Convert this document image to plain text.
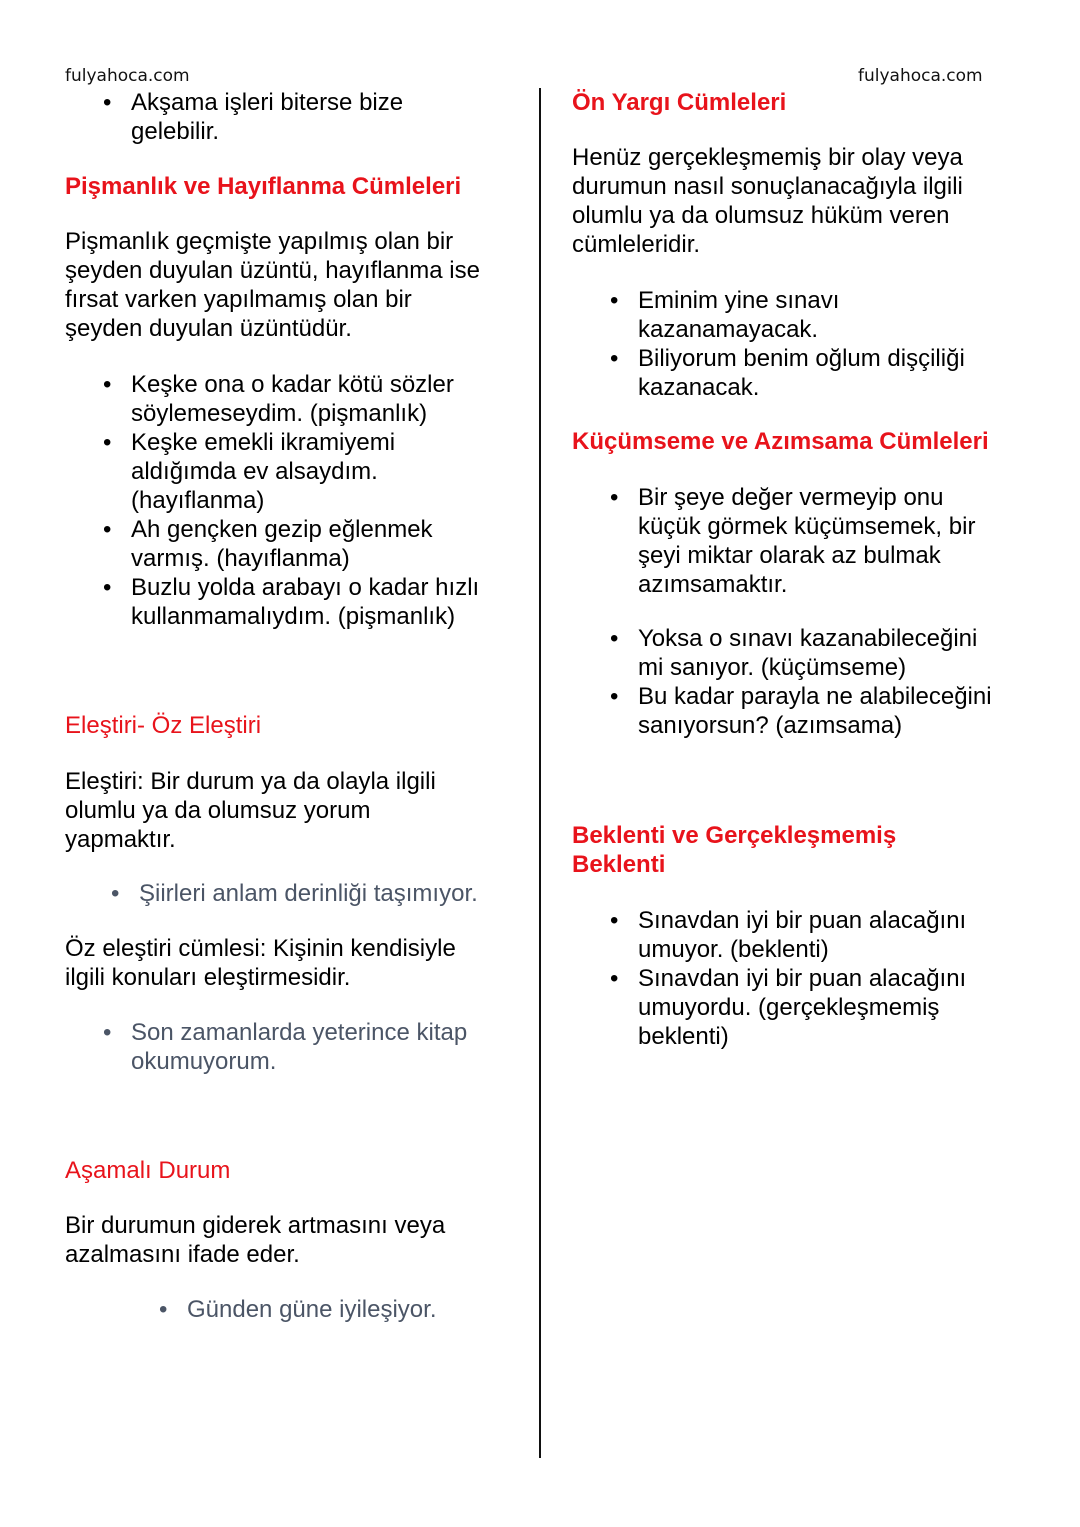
fulyahoca.com	fulyahoca.com
• Akşama işleri biterse bize
gelebilir.
Pişmanlık ve Hayıflanma Cümleleri
Pişmanlık geçmişte yapılmış olan bir
şeyden duyulan üzüntü, hayıflanma ise
fırsat varken yapılmamış olan bir
şeyden duyulan üzüntüdür.
• Keşke ona o kadar kötü sözler
söylemeseydim. (pişmanlık)
• Keşke emekli ikramiyemi
aldığımda ev alsaydım.
(hayıflanma)
• Ah gençken gezip eğlenmek
varmış. (hayıflanma)
• Buzlu yolda arabayı o kadar hızlı
kullanmamalıydım. (pişmanlık)
Eleştiri- Öz Eleştiri
Eleştiri: Bir durum ya da olayla ilgili
olumlu ya da olumsuz yorum
yapmaktır.
• Şiirleri anlam derinliği taşımıyor.
Öz eleştiri cümlesi: Kişinin kendisiyle
ilgili konuları eleştirmesidir.
• Son zamanlarda yeterince kitap
okumuyorum.
Aşamalı Durum
Bir durumun giderek artmasını veya
azalmasını ifade eder.
• Günden güne iyileşiyor.
Ön Yargı Cümleleri
Henüz gerçekleşmemiş bir olay veya
durumun nasıl sonuçlanacağıyla ilgili
olumlu ya da olumsuz hüküm veren
cümleleridir.
• Eminim yine sınavı
kazanamayacak.
• Biliyorum benim oğlum dişçiliği
kazanacak.
Küçümseme ve Azımsama Cümleleri
• Bir şeye değer vermeyip onu
küçük görmek küçümsemek, bir
şeyi miktar olarak az bulmak
azımsamaktır.
• Yoksa o sınavı kazanabileceğini
mi sanıyor. (küçümseme)
• Bu kadar parayla ne alabileceğini
sanıyorsun? (azımsama)
Beklenti ve Gerçekleşmemiş
Beklenti
• Sınavdan iyi bir puan alacağını
umuyor. (beklenti)
• Sınavdan iyi bir puan alacağını
umuyordu. (gerçekleşmemiş
beklenti)
